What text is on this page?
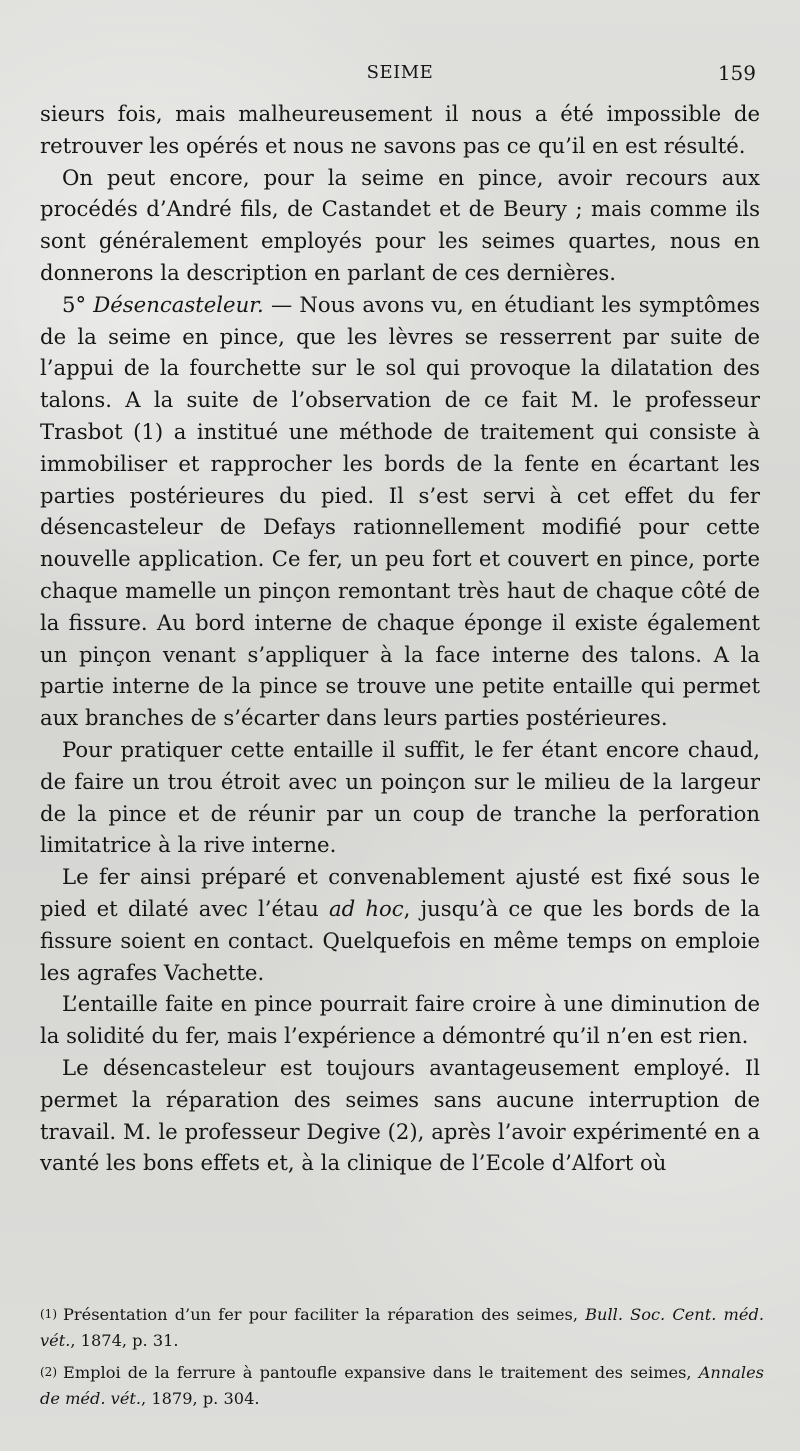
SEIME	159

sieurs fois, mais malheureusement il nous a été impossible de retrouver les opérés et nous ne savons pas ce qu’il en est résulté.

On peut encore, pour la seime en pince, avoir recours aux procédés d’André fils, de Castandet et de Beury ; mais comme ils sont généralement employés pour les seimes quartes, nous en donnerons la description en parlant de ces dernières.

5° Désencasteleur. — Nous avons vu, en étudiant les symptômes de la seime en pince, que les lèvres se resserrent par suite de l’appui de la fourchette sur le sol qui provoque la dilatation des talons. A la suite de l’observation de ce fait M. le professeur Trasbot (1) a institué une méthode de traitement qui consiste à immobiliser et rapprocher les bords de la fente en écartant les parties postérieures du pied. Il s’est servi à cet effet du fer désencasteleur de Defays rationnellement modifié pour cette nouvelle application. Ce fer, un peu fort et couvert en pince, porte chaque mamelle un pinçon remontant très haut de chaque côté de la fissure. Au bord interne de chaque éponge il existe également un pinçon venant s’appliquer à la face interne des talons. A la partie interne de la pince se trouve une petite entaille qui permet aux branches de s’écarter dans leurs parties postérieures.

Pour pratiquer cette entaille il suffit, le fer étant encore chaud, de faire un trou étroit avec un poinçon sur le milieu de la largeur de la pince et de réunir par un coup de tranche la perforation limitatrice à la rive interne.

Le fer ainsi préparé et convenablement ajusté est fixé sous le pied et dilaté avec l’étau ad hoc, jusqu’à ce que les bords de la fissure soient en contact. Quelquefois en même temps on emploie les agrafes Vachette.

L’entaille faite en pince pourrait faire croire à une diminution de la solidité du fer, mais l’expérience a démontré qu’il n’en est rien.

Le désencasteleur est toujours avantageusement employé. Il permet la réparation des seimes sans aucune interruption de travail. M. le professeur Degive (2), après l’avoir expérimenté en a vanté les bons effets et, à la clinique de l’Ecole d’Alfort où

$^{(1)}$ Présentation d’un fer pour faciliter la réparation des seimes, Bull. Soc. Cent. méd. vét., 1874, p. 31.

$^{(2)}$ Emploi de la ferrure à pantoufle expansive dans le traitement des seimes, Annales de méd. vét., 1879, p. 304.
